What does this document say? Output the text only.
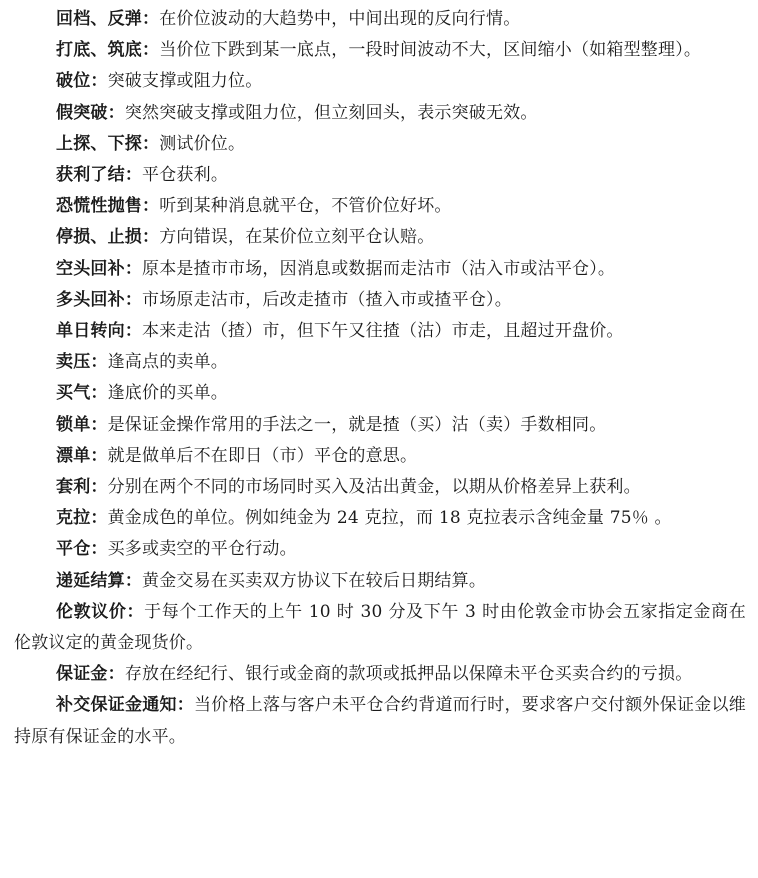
回档、反弹：在价位波动的大趋势中，中间出现的反向行情。

打底、筑底：当价位下跌到某一底点，一段时间波动不大，区间缩小（如箱型整理）。

破位：突破支撑或阻力位。

假突破：突然突破支撑或阻力位，但立刻回头，表示突破无效。

上探、下探：测试价位。

获利了结：平仓获利。

恐慌性抛售：听到某种消息就平仓，不管价位好坏。

停损、止损：方向错误，在某价位立刻平仓认赔。

空头回补：原本是揸市市场，因消息或数据而走沽市（沽入市或沽平仓）。

多头回补：市场原走沽市，后改走揸市（揸入市或揸平仓）。

单日转向：本来走沽（揸）市，但下午又往揸（沽）市走，且超过开盘价。

卖压：逢高点的卖单。

买气：逢底价的买单。

锁单：是保证金操作常用的手法之一，就是揸（买）沽（卖）手数相同。

漂单：就是做单后不在即日（市）平仓的意思。

套利：分别在两个不同的市场同时买入及沽出黄金，以期从价格差异上获利。

克拉：黄金成色的单位。例如纯金为 24 克拉，而 18 克拉表示含纯金量 75％ 。

平仓：买多或卖空的平仓行动。

递延结算：黄金交易在买卖双方协议下在较后日期结算。

伦敦议价：于每个工作天的上午 10 时 30 分及下午 3 时由伦敦金市协会五家指定金商在伦敦议定的黄金现货价。

保证金：存放在经纪行、银行或金商的款项或抵押品以保障未平仓买卖合约的亏损。

补交保证金通知：当价格上落与客户未平仓合约背道而行时，要求客户交付额外保证金以维持原有保证金的水平。
